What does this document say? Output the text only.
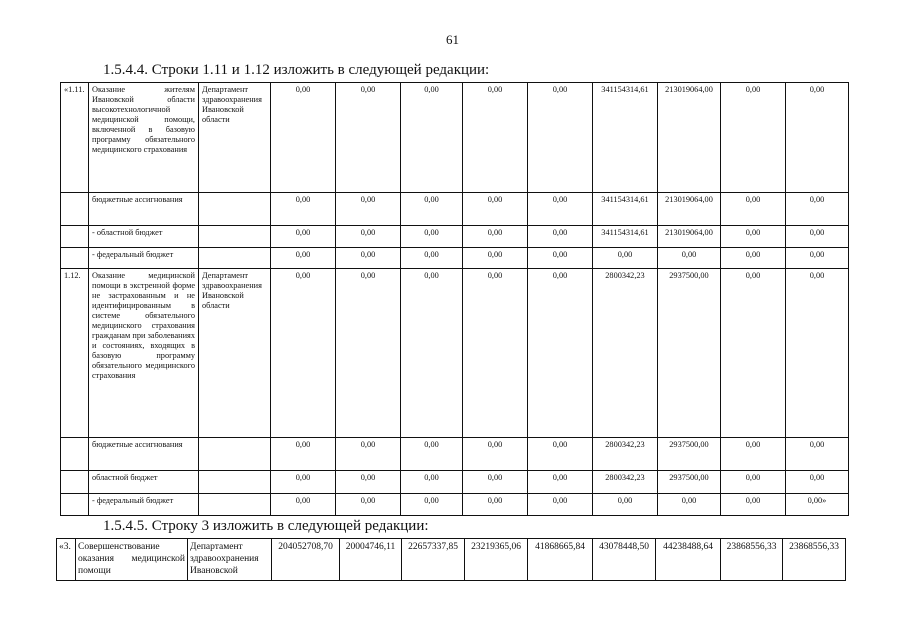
61
1.5.4.4. Строки 1.11 и 1.12 изложить в следующей редакции:
«1.11.	Оказание жителям Ивановской области высокотехнологичной медицинской помощи, включенной в базовую программу обязательного медицинского страхования	Департамент здравоохранения Ивановской области	0,00	0,00	0,00	0,00	0,00	341154314,61	213019064,00	0,00	0,00
	бюджетные ассигнования		0,00	0,00	0,00	0,00	0,00	341154314,61	213019064,00	0,00	0,00
	- областной бюджет		0,00	0,00	0,00	0,00	0,00	341154314,61	213019064,00	0,00	0,00
	- федеральный бюджет		0,00	0,00	0,00	0,00	0,00	0,00	0,00	0,00	0,00
1.12.	Оказание медицинской помощи в экстренной форме не застрахованным и не идентифицированным в системе обязательного медицинского страхования гражданам при заболеваниях и состояниях, входящих в базовую программу обязательного медицинского страхования	Департамент здравоохранения Ивановской области	0,00	0,00	0,00	0,00	0,00	2800342,23	2937500,00	0,00	0,00
	бюджетные ассигнования		0,00	0,00	0,00	0,00	0,00	2800342,23	2937500,00	0,00	0,00
	областной бюджет		0,00	0,00	0,00	0,00	0,00	2800342,23	2937500,00	0,00	0,00
	- федеральный бюджет		0,00	0,00	0,00	0,00	0,00	0,00	0,00	0,00	0,00»
1.5.4.5. Строку 3 изложить в следующей редакции:
«3.	Совершенствование оказания медицинской помощи	Департамент здравоохранения Ивановской	204052708,70	20004746,11	22657337,85	23219365,06	41868665,84	43078448,50	44238488,64	23868556,33	23868556,33
